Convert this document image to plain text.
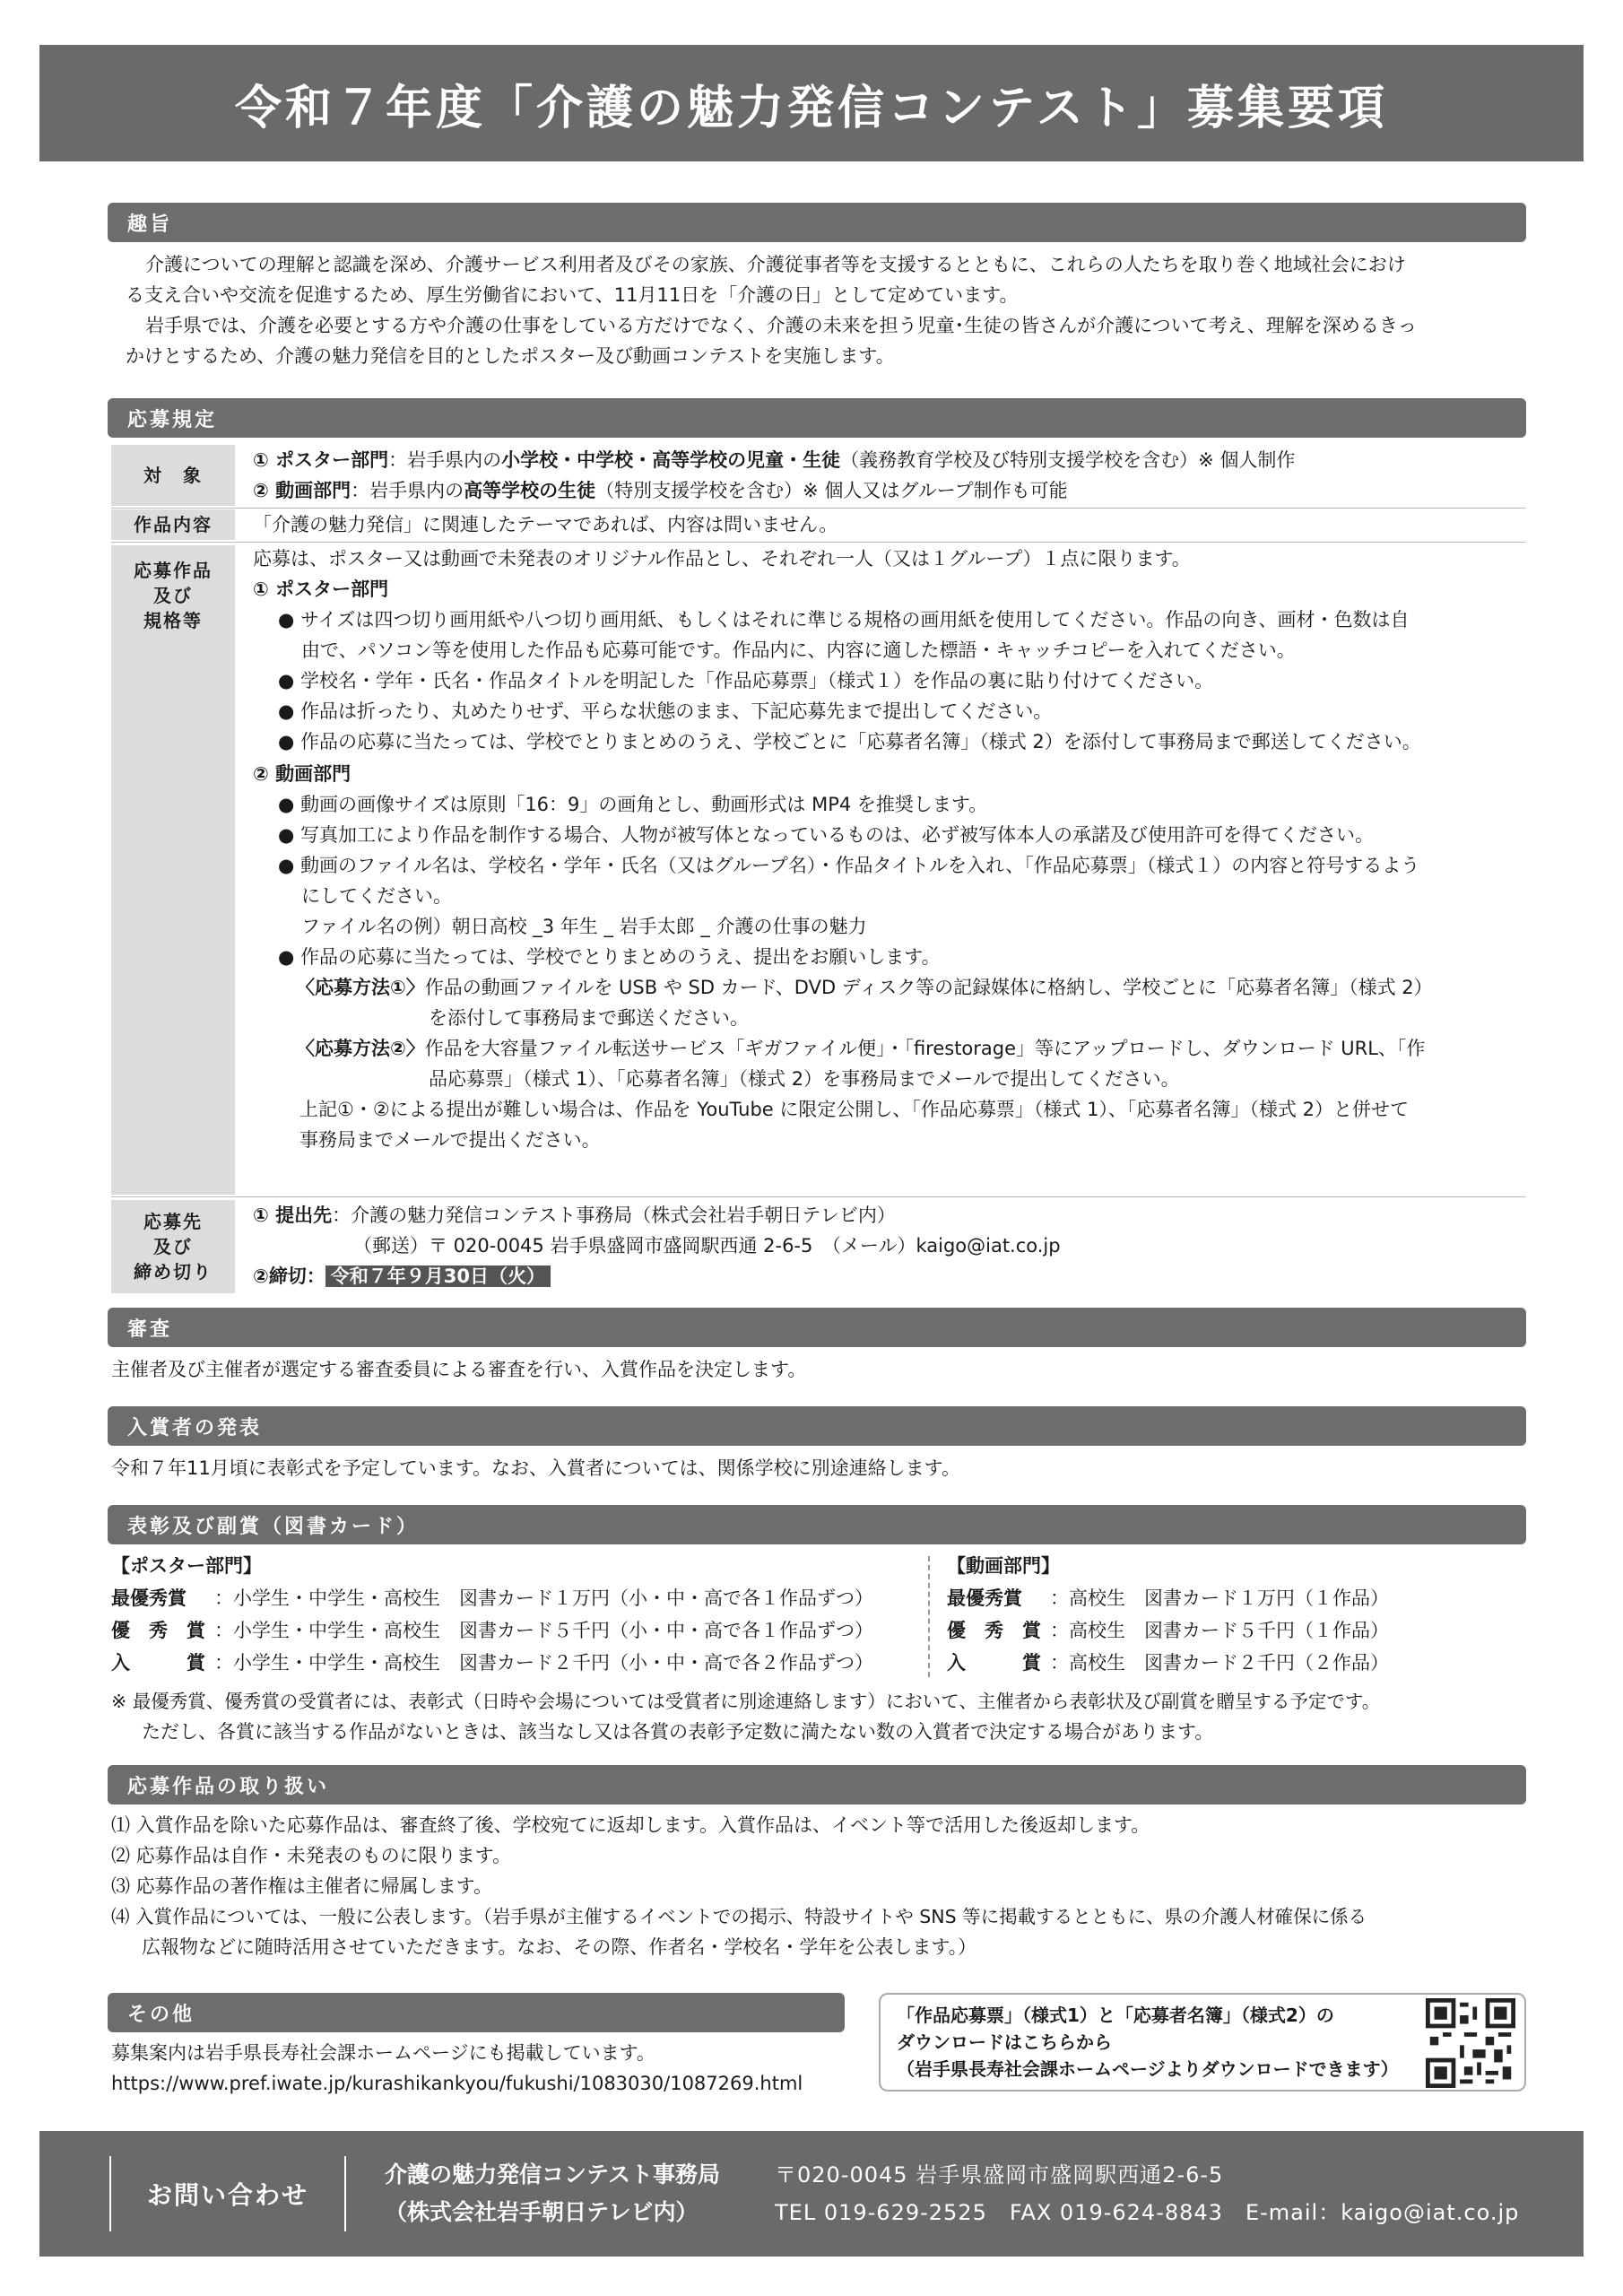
令和７年度「介護の魅力発信コンテスト」募集要項
趣旨
介護についての理解と認識を深め、介護サービス利用者及びその家族、介護従事者等を支援するとともに、これらの人たちを取り巻く地域社会におけ
る支え合いや交流を促進するため、厚生労働省において、11月11日を「介護の日」として定めています。
岩手県では、介護を必要とする方や介護の仕事をしている方だけでなく、介護の未来を担う児童･生徒の皆さんが介護について考え、理解を深めるきっ
かけとするため、介護の魅力発信を目的としたポスター及び動画コンテストを実施します。
応募規定
対　象
① ポスター部門：岩手県内の小学校・中学校・高等学校の児童・生徒（義務教育学校及び特別支援学校を含む）※ 個人制作
② 動画部門：岩手県内の高等学校の生徒（特別支援学校を含む）※ 個人又はグループ制作も可能
作品内容	「介護の魅力発信」に関連したテーマであれば、内容は問いません。
応募作品
及び
規格等
応募は、ポスター又は動画で未発表のオリジナル作品とし、それぞれ一人（又は１グループ）１点に限ります。
① ポスター部門
● サイズは四つ切り画用紙や八つ切り画用紙、もしくはそれに準じる規格の画用紙を使用してください。作品の向き、画材・色数は自
由で、パソコン等を使用した作品も応募可能です。作品内に、内容に適した標語・キャッチコピーを入れてください。
● 学校名・学年・氏名・作品タイトルを明記した「作品応募票」（様式１）を作品の裏に貼り付けてください。
● 作品は折ったり、丸めたりせず、平らな状態のまま、下記応募先まで提出してください。
● 作品の応募に当たっては、学校でとりまとめのうえ、学校ごとに「応募者名簿」（様式 2）を添付して事務局まで郵送してください。
② 動画部門
● 動画の画像サイズは原則「16：9」の画角とし、動画形式は MP4 を推奨します。
● 写真加工により作品を制作する場合、人物が被写体となっているものは、必ず被写体本人の承諾及び使用許可を得てください。
● 動画のファイル名は、学校名・学年・氏名（又はグループ名）・作品タイトルを入れ、「作品応募票」（様式１）の内容と符号するよう
にしてください。
ファイル名の例）朝日高校 _3 年生 _ 岩手太郎 _ 介護の仕事の魅力
● 作品の応募に当たっては、学校でとりまとめのうえ、提出をお願いします。
〈応募方法①〉作品の動画ファイルを USB や SD カード、DVD ディスク等の記録媒体に格納し、学校ごとに「応募者名簿」（様式 2）
を添付して事務局まで郵送ください。
〈応募方法②〉作品を大容量ファイル転送サービス「ギガファイル便」・「firestorage」等にアップロードし、ダウンロード URL、「作
品応募票」（様式 1）、「応募者名簿」（様式 2）を事務局までメールで提出してください。
上記①・②による提出が難しい場合は、作品を YouTube に限定公開し、「作品応募票」（様式 1）、「応募者名簿」（様式 2）と併せて
事務局までメールで提出ください。
応募先
及び
締め切り
① 提出先：介護の魅力発信コンテスト事務局（株式会社岩手朝日テレビ内）
（郵送）〒 020-0045 岩手県盛岡市盛岡駅西通 2-6-5　（メール）kaigo@iat.co.jp
②締切： 令和７年９月30日（火）
審査
主催者及び主催者が選定する審査委員による審査を行い、入賞作品を決定します。
入賞者の発表
令和７年11月頃に表彰式を予定しています。なお、入賞者については、関係学校に別途連絡します。
表彰及び副賞（図書カード）
【ポスター部門】
最優秀賞 ：小学生・中学生・高校生　図書カード１万円（小・中・高で各１作品ずつ）
優　秀　賞 ：小学生・中学生・高校生　図書カード５千円（小・中・高で各１作品ずつ）
入　　　賞 ：小学生・中学生・高校生　図書カード２千円（小・中・高で各２作品ずつ）
【動画部門】
最優秀賞 ：高校生　図書カード１万円（１作品）
優　秀　賞 ：高校生　図書カード５千円（１作品）
入　　　賞 ：高校生　図書カード２千円（２作品）
※ 最優秀賞、優秀賞の受賞者には、表彰式（日時や会場については受賞者に別途連絡します）において、主催者から表彰状及び副賞を贈呈する予定です。
ただし、各賞に該当する作品がないときは、該当なし又は各賞の表彰予定数に満たない数の入賞者で決定する場合があります。
応募作品の取り扱い
⑴ 入賞作品を除いた応募作品は、審査終了後、学校宛てに返却します。入賞作品は、イベント等で活用した後返却します。
⑵ 応募作品は自作・未発表のものに限ります。
⑶ 応募作品の著作権は主催者に帰属します。
⑷ 入賞作品については、一般に公表します。（岩手県が主催するイベントでの掲示、特設サイトや SNS 等に掲載するとともに、県の介護人材確保に係る
広報物などに随時活用させていただきます。なお、その際、作者名・学校名・学年を公表します。）
その他
募集案内は岩手県長寿社会課ホームページにも掲載しています。
https://www.pref.iwate.jp/kurashikankyou/fukushi/1083030/1087269.html
「作品応募票」（様式1）と「応募者名簿」（様式2）の
ダウンロードはこちらから
（岩手県長寿社会課ホームページよりダウンロードできます）
お問い合わせ
介護の魅力発信コンテスト事務局
（株式会社岩手朝日テレビ内）
〒020-0045 岩手県盛岡市盛岡駅西通2-6-5
TEL 019-629-2525　FAX 019-624-8843　E-mail：kaigo@iat.co.jp
